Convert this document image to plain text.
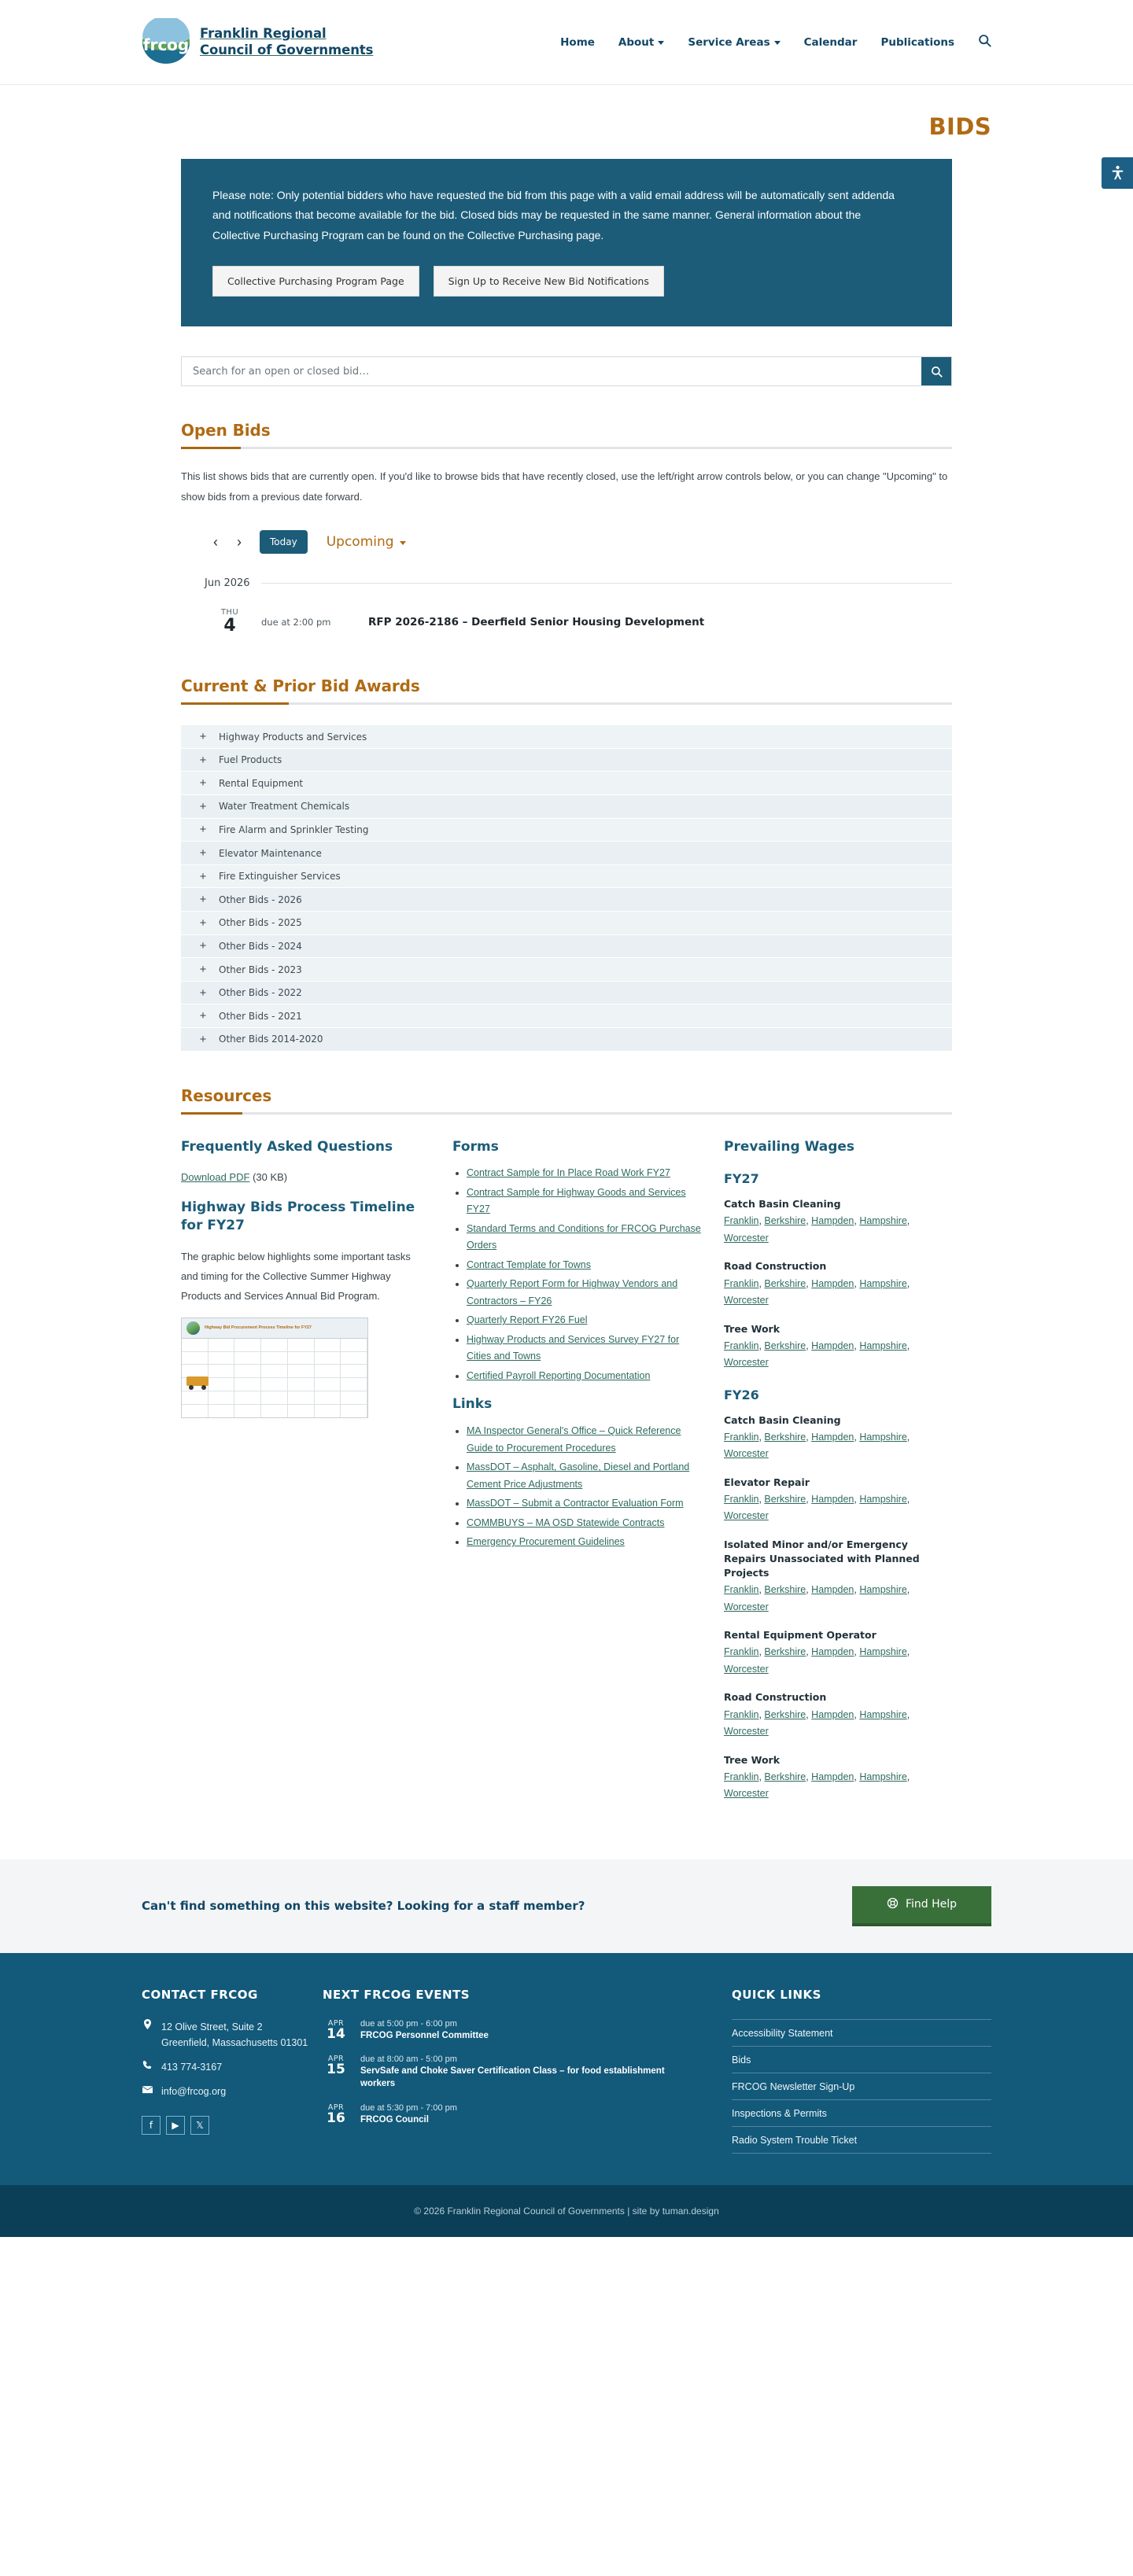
frcog
Franklin Regional
Council of Governments	Home About	Service Areas	Calendar Publications
BIDS

Please note: Only potential bidders who have requested the bid from this page with a valid email address will be automatically sent addenda and notifications that become available for the bid. Closed bids may be requested in the same manner. General information about the Collective Purchasing Program can be found on the Collective Purchasing page.

Collective Purchasing Program Page	Sign Up to Receive New Bid Notifications
Search for an open or closed bid…
Open Bids

This list shows bids that are currently open. If you'd like to browse bids that have recently closed, use the left/right arrow controls below, or you can change "Upcoming" to show bids from a previous date forward.

‹ ›	Today	Upcoming
Jun 2026
THU
4	due at 2:00 pm	RFP 2026-2186 – Deerfield Senior Housing Development
Current & Prior Bid Awards
+ Highway Products and Services
+ Fuel Products
+ Rental Equipment
+ Water Treatment Chemicals
+ Fire Alarm and Sprinkler Testing
+ Elevator Maintenance
+ Fire Extinguisher Services
+ Other Bids - 2026
+ Other Bids - 2025
+ Other Bids - 2024
+ Other Bids - 2023
+ Other Bids - 2022
+ Other Bids - 2021
+ Other Bids 2014-2020
Resources
Frequently Asked Questions

Download PDF (30 KB)

Highway Bids Process Timeline for FY27

The graphic below highlights some important tasks and timing for the Collective Summer Highway Products and Services Annual Bid Program.

Highway Bid Procurement Process Timeline for FY27
Forms
• Contract Sample for In Place Road Work FY27
• Contract Sample for Highway Goods and Services FY27
• Standard Terms and Conditions for FRCOG Purchase Orders
• Contract Template for Towns
• Quarterly Report Form for Highway Vendors and Contractors – FY26
• Quarterly Report FY26 Fuel
• Highway Products and Services Survey FY27 for Cities and Towns
• Certified Payroll Reporting Documentation
Links
• MA Inspector General's Office – Quick Reference Guide to Procurement Procedures
• MassDOT – Asphalt, Gasoline, Diesel and Portland Cement Price Adjustments
• MassDOT – Submit a Contractor Evaluation Form
• COMMBUYS – MA OSD Statewide Contracts
• Emergency Procurement Guidelines
Prevailing Wages
FY27
Catch Basin Cleaning
Franklin, Berkshire, Hampden, Hampshire, Worcester
Road Construction
Franklin, Berkshire, Hampden, Hampshire, Worcester
Tree Work
Franklin, Berkshire, Hampden, Hampshire, Worcester
FY26
Catch Basin Cleaning
Franklin, Berkshire, Hampden, Hampshire, Worcester
Elevator Repair
Franklin, Berkshire, Hampden, Hampshire, Worcester
Isolated Minor and/or Emergency Repairs Unassociated with Planned Projects
Franklin, Berkshire, Hampden, Hampshire, Worcester
Rental Equipment Operator
Franklin, Berkshire, Hampden, Hampshire, Worcester
Road Construction
Franklin, Berkshire, Hampden, Hampshire, Worcester
Tree Work
Franklin, Berkshire, Hampden, Hampshire, Worcester
Can't find something on this website? Looking for a staff member?	Find Help
CONTACT FRCOG
12 Olive Street, Suite 2
Greenfield, Massachusetts 01301
413 774-3167
info@frcog.org
f	▶	𝕏
NEXT FRCOG EVENTS
APR
14
due at 5:00 pm - 6:00 pm
FRCOG Personnel Committee
APR
15
due at 8:00 am - 5:00 pm
ServSafe and Choke Saver Certification Class – for food establishment workers
APR
16
due at 5:30 pm - 7:00 pm
FRCOG Council
QUICK LINKS
Accessibility Statement
Bids
FRCOG Newsletter Sign-Up
Inspections & Permits
Radio System Trouble Ticket
© 2026 Franklin Regional Council of Governments | site by tuman.design
